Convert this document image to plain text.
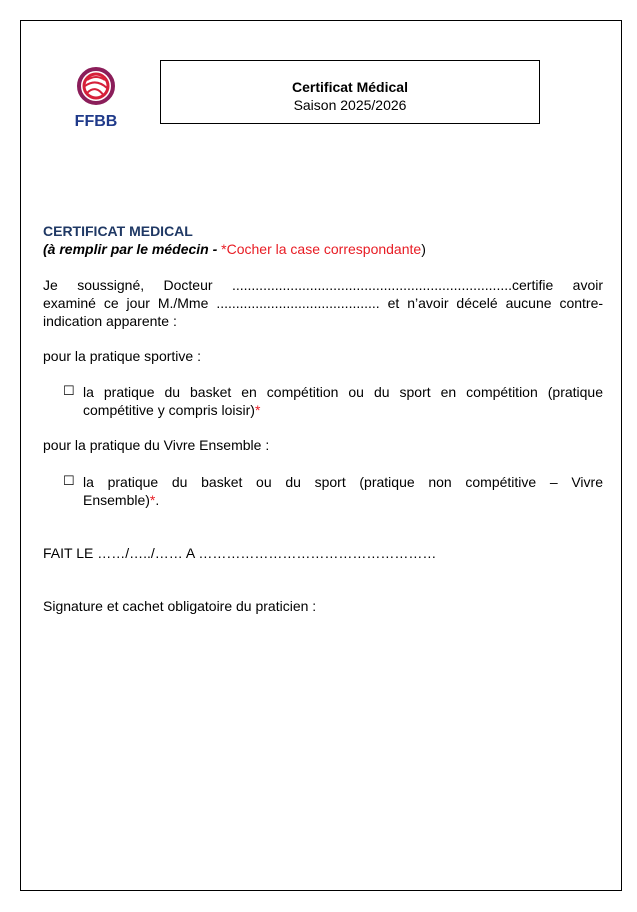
FFBB
Certificat Médical
Saison 2025/2026
CERTIFICAT MEDICAL
(à remplir par le médecin - *Cocher la case correspondante)
Je soussigné, Docteur ........................................................................certifie avoir
examiné ce jour M./Mme .......................................... et n’avoir décelé aucune contre-
indication apparente :
pour la pratique sportive :
☐ la pratique du basket en compétition ou du sport en compétition (pratique
compétitive y compris loisir)*
pour la pratique du Vivre Ensemble :
☐ la pratique du basket ou du sport (pratique non compétitive – Vivre
Ensemble)*.
FAIT LE ……/…../…… A ……………………………………………
Signature et cachet obligatoire du praticien :
